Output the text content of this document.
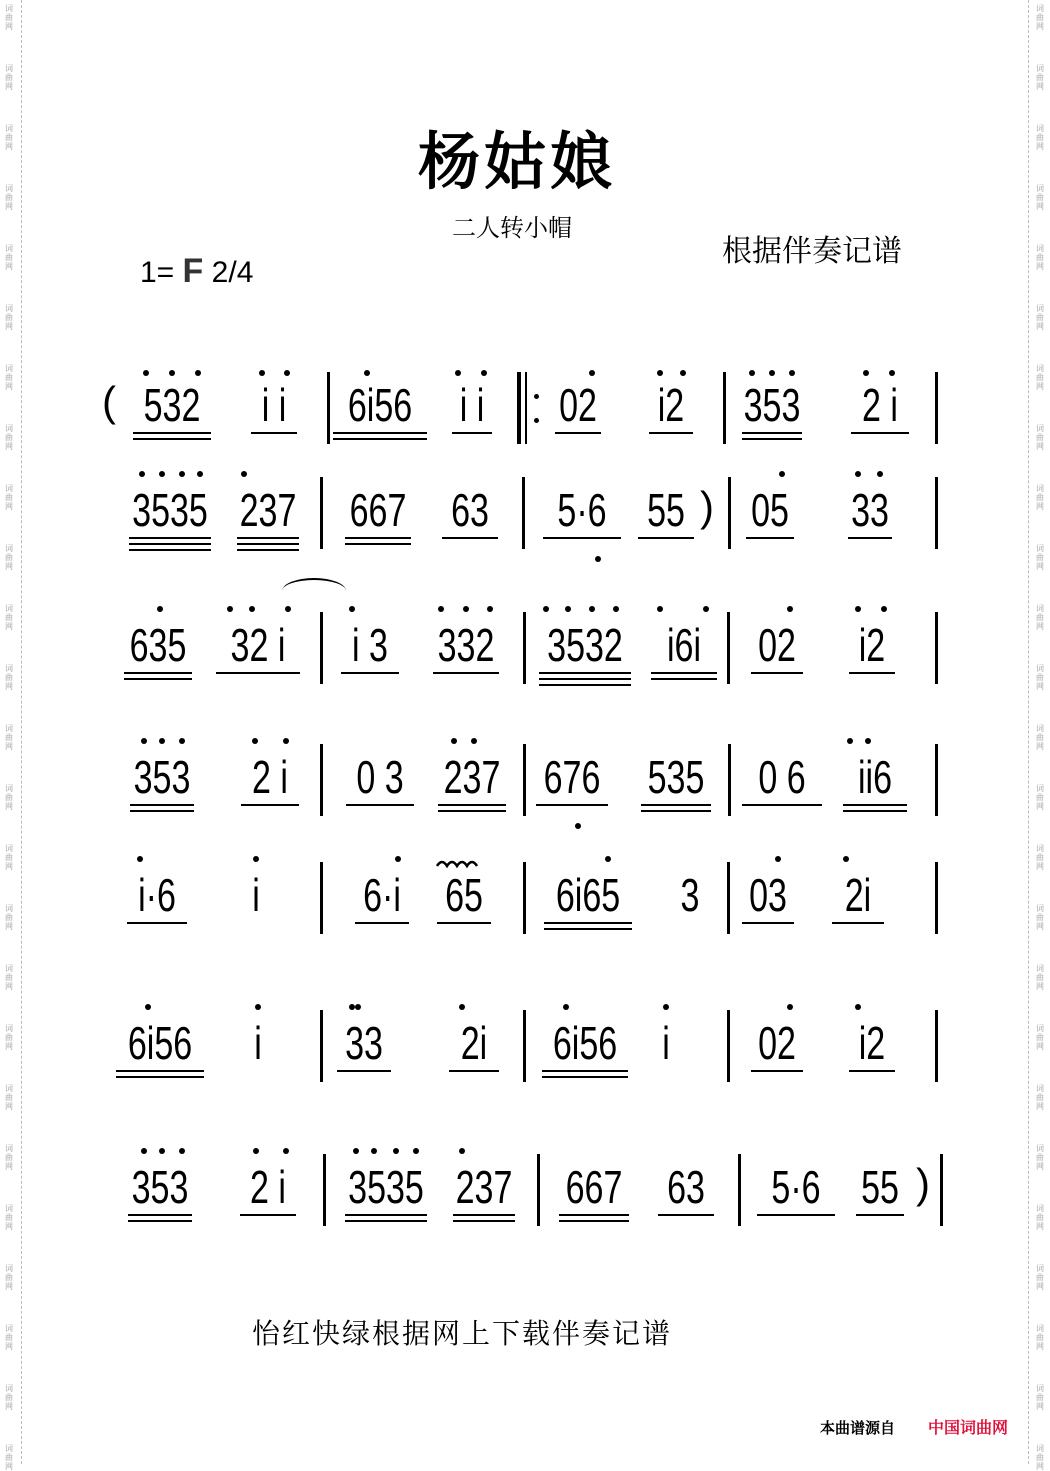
词
曲
网
词
曲
网
词
曲
网
词
曲
网
词
曲
网
词
曲
网
词
曲
网
词
曲
网
词
曲
网
词
曲
网
词
曲
网
词
曲
网
词
曲
网
词
曲
网
词
曲
网
词
曲
网
词
曲
网
词
曲
网
词
曲
网
词
曲
网
词
曲
网
词
曲
网
词
曲
网
词
曲
网
词
曲
网
词
曲
网
词
曲
网
词
曲
网
词
曲
网
词
曲
网
词
曲
网
词
曲
网
词
曲
网
词
曲
网
词
曲
网
词
曲
网
词
曲
网
词
曲
网
词
曲
网
词
曲
网
词
曲
网
词
曲
网
词
曲
网
词
曲
网
词
曲
网
词
曲
网
词
曲
网
词
曲
网
词
曲
网
词
曲
网
杨姑娘
二人转小帽
根据伴奏记谱
1= F 2/4
( 532 i i 6i56 i i 02 i2 353 2 i
3535 237 667 63 5·6 55 ) 05 33
635 32 i i 3 332 3532 i6i 02 i2
353 2 i 0 3 237 676 535 0 6 ii6
i·6 i 6·i 65 6i65 3 03 2i
6i56 i 33 2i 6i56 i 02 i2
353 2 i 3535 237 667 63 5·6 55 )
怡红快绿根据网上下载伴奏记谱
本曲谱源自 中国词曲网
